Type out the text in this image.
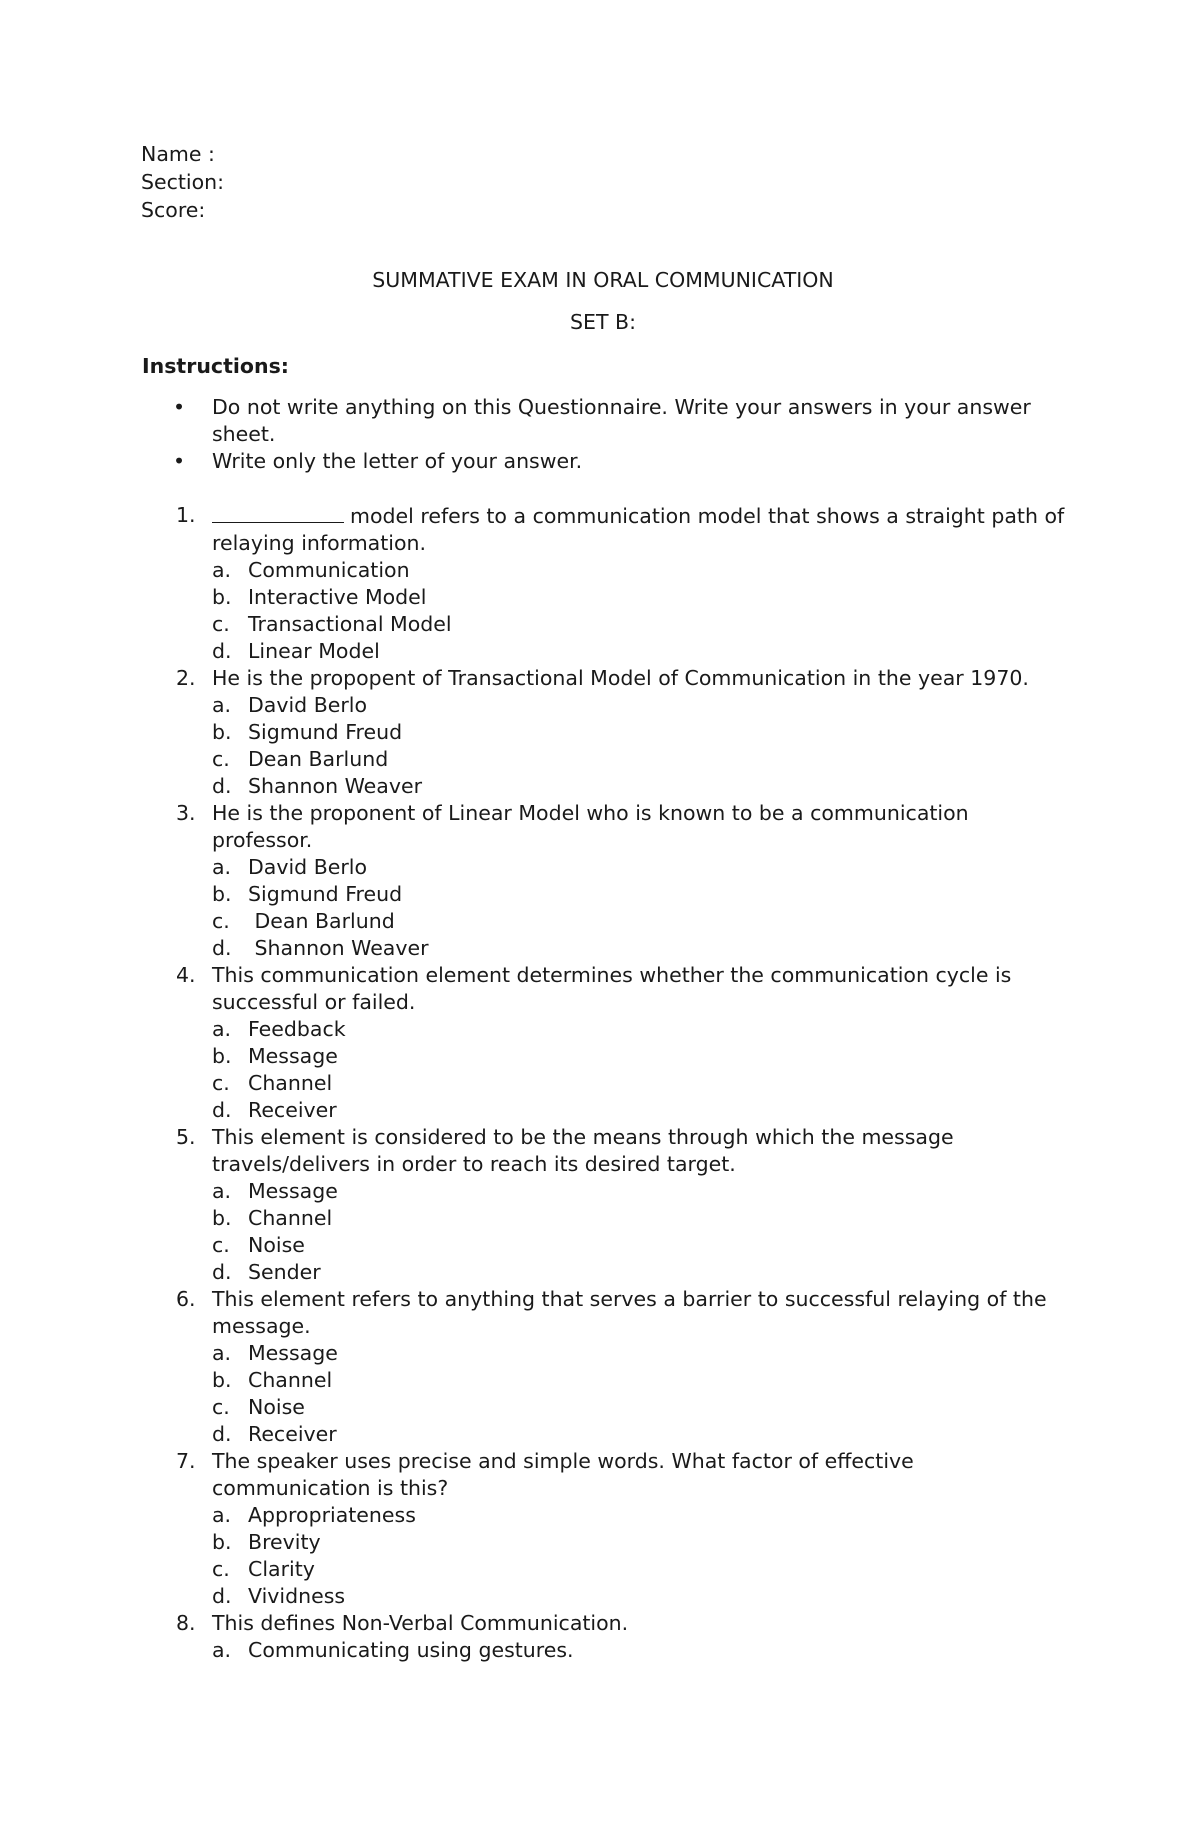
Name :
Section:
Score:
SUMMATIVE EXAM IN ORAL COMMUNICATION
SET B:
Instructions:
• Do not write anything on this Questionnaire. Write your answers in your answer sheet.
• Write only the letter of your answer.
1.	model refers to a communication model that shows a straight path of relaying information.
a. Communication
b. Interactive Model
c. Transactional Model
d. Linear Model
2. He is the propopent of Transactional Model of Communication in the year 1970.
a. David Berlo
b. Sigmund Freud
c. Dean Barlund
d. Shannon Weaver
3. He is the proponent of Linear Model who is known to be a communication professor.
a. David Berlo
b. Sigmund Freud
c. Dean Barlund
d. Shannon Weaver
4. This communication element determines whether the communication cycle is successful or failed.
a. Feedback
b. Message
c. Channel
d. Receiver
5. This element is considered to be the means through which the message travels/delivers in order to reach its desired target.
a. Message
b. Channel
c. Noise
d. Sender
6. This element refers to anything that serves a barrier to successful relaying of the message.
a. Message
b. Channel
c. Noise
d. Receiver
7. The speaker uses precise and simple words. What factor of effective communication is this?
a. Appropriateness
b. Brevity
c. Clarity
d. Vividness
8. This defines Non-Verbal Communication.
a. Communicating using gestures.
